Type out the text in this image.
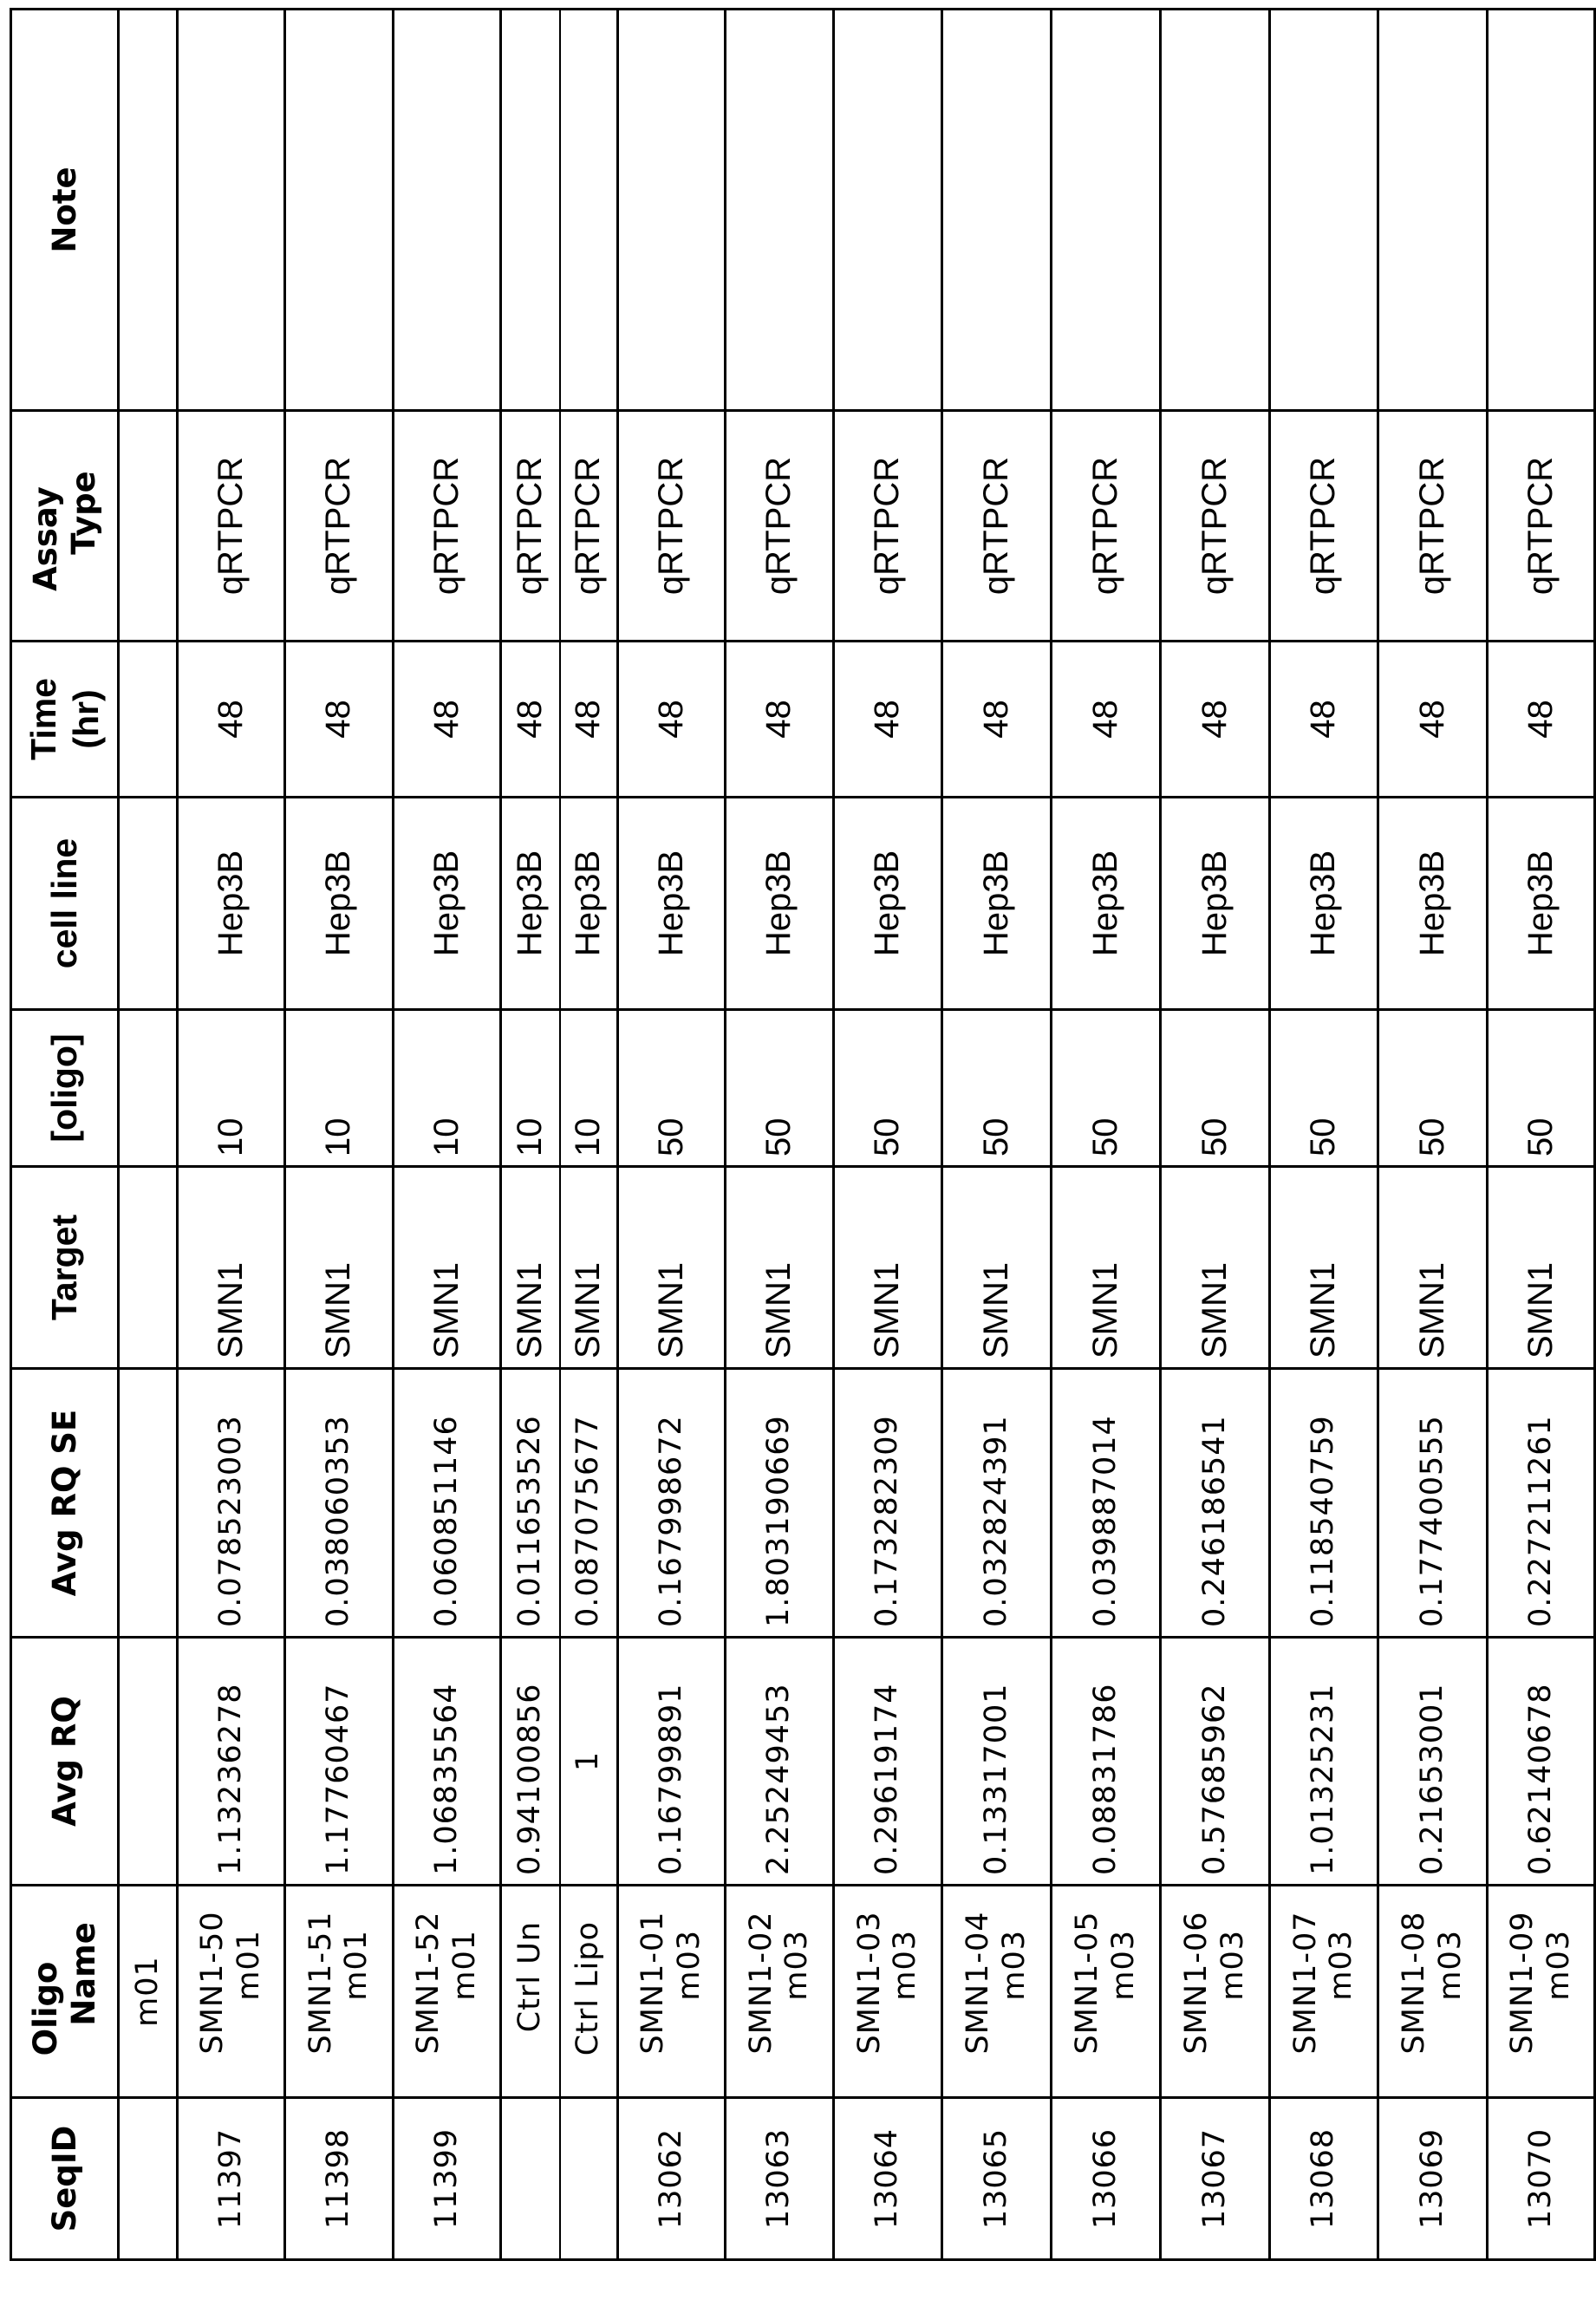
SeqID	Oligo Name	Avg RQ	Avg RQ SE	Target	[oligo]	cell line	Time (hr)	Assay Type	Note
	m01								
11397	SMN1-50 m01	1.13236278	0.078523003	SMN1	10	Hep3B	48	qRTPCR	
11398	SMN1-51 m01	1.17760467	0.038060353	SMN1	10	Hep3B	48	qRTPCR	
11399	SMN1-52 m01	1.06835564	0.060851146	SMN1	10	Hep3B	48	qRTPCR	

	Ctrl Un	0.94100856	0.011653526	SMN1	10	Hep3B	48	qRTPCR	

	Ctrl Lipo	1	0.087075677	SMN1	10	Hep3B	48	qRTPCR	
13062	SMN1-01 m03	0.16799891	0.167998672	SMN1	50	Hep3B	48	qRTPCR	
13063	SMN1-02 m03	2.25249453	1.803190669	SMN1	50	Hep3B	48	qRTPCR	
13064	SMN1-03 m03	0.29619174	0.173282309	SMN1	50	Hep3B	48	qRTPCR	
13065	SMN1-04 m03	0.13317001	0.032824391	SMN1	50	Hep3B	48	qRTPCR	
13066	SMN1-05 m03	0.08831786	0.039887014	SMN1	50	Hep3B	48	qRTPCR	
13067	SMN1-06 m03	0.57685962	0.246186541	SMN1	50	Hep3B	48	qRTPCR	
13068	SMN1-07 m03	1.01325231	0.118540759	SMN1	50	Hep3B	48	qRTPCR	
13069	SMN1-08 m03	0.21653001	0.177400555	SMN1	50	Hep3B	48	qRTPCR	
13070	SMN1-09 m03	0.62140678	0.227211261	SMN1	50	Hep3B	48	qRTPCR	
